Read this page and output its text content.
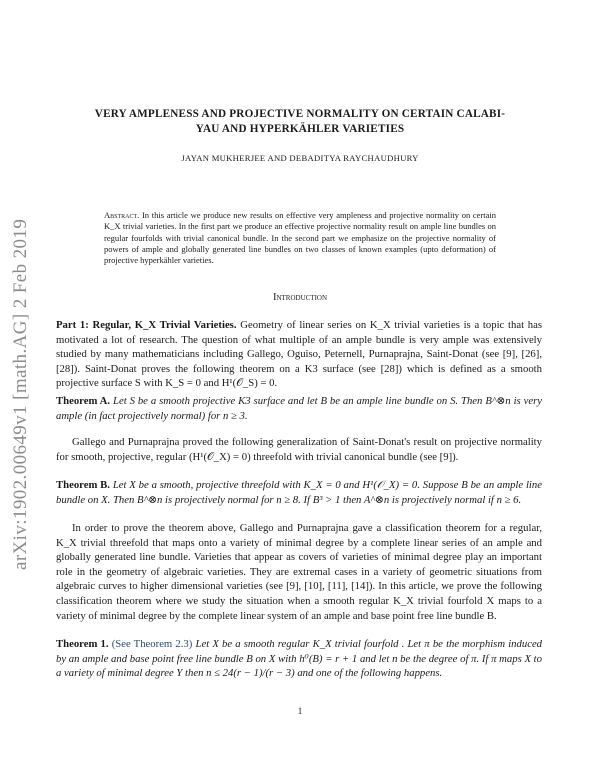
arXiv:1902.00649v1 [math.AG] 2 Feb 2019
VERY AMPLENESS AND PROJECTIVE NORMALITY ON CERTAIN CALABI-YAU AND HYPERKÄHLER VARIETIES
JAYAN MUKHERJEE AND DEBADITYA RAYCHAUDHURY
Abstract. In this article we produce new results on effective very ampleness and projective normality on certain K_X trivial varieties. In the first part we produce an effective projective normality result on ample line bundles on regular fourfolds with trivial canonical bundle. In the second part we emphasize on the projective normality of powers of ample and globally generated line bundles on two classes of known examples (upto deformation) of projective hyperkähler varieties.
Introduction
Part 1: Regular, K_X Trivial Varieties. Geometry of linear series on K_X trivial varieties is a topic that has motivated a lot of research. The question of what multiple of an ample bundle is very ample was extensively studied by many mathematicians including Gallego, Oguiso, Peternell, Purnaprajna, Saint-Donat (see [9], [26], [28]). Saint-Donat proves the following theorem on a K3 surface (see [28]) which is defined as a smooth projective surface S with K_S = 0 and H¹(𝒪_S) = 0.
Theorem A. Let S be a smooth projective K3 surface and let B be an ample line bundle on S. Then B^⊗n is very ample (in fact projectively normal) for n ≥ 3.
Gallego and Purnaprajna proved the following generalization of Saint-Donat's result on projective normality for smooth, projective, regular (H¹(𝒪_X) = 0) threefold with trivial canonical bundle (see [9]).
Theorem B. Let X be a smooth, projective threefold with K_X = 0 and H¹(𝒪_X) = 0. Suppose B be an ample line bundle on X. Then B^⊗n is projectively normal for n ≥ 8. If B³ > 1 then A^⊗n is projectively normal if n ≥ 6.
In order to prove the theorem above, Gallego and Purnaprajna gave a classification theorem for a regular, K_X trivial threefold that maps onto a variety of minimal degree by a complete linear series of an ample and globally generated line bundle. Varieties that appear as covers of varieties of minimal degree play an important role in the geometry of algebraic varieties. They are extremal cases in a variety of geometric situations from algebraic curves to higher dimensional varieties (see [9], [10], [11], [14]). In this article, we prove the following classification theorem where we study the situation when a smooth regular K_X trivial fourfold X maps to a variety of minimal degree by the complete linear system of an ample and base point free line bundle B.
Theorem 1. (See Theorem 2.3) Let X be a smooth regular K_X trivial fourfold . Let π be the morphism induced by an ample and base point free line bundle B on X with h⁰(B) = r + 1 and let n be the degree of π. If π maps X to a variety of minimal degree Y then n ≤ 24(r − 1)/(r − 3) and one of the following happens.
1
